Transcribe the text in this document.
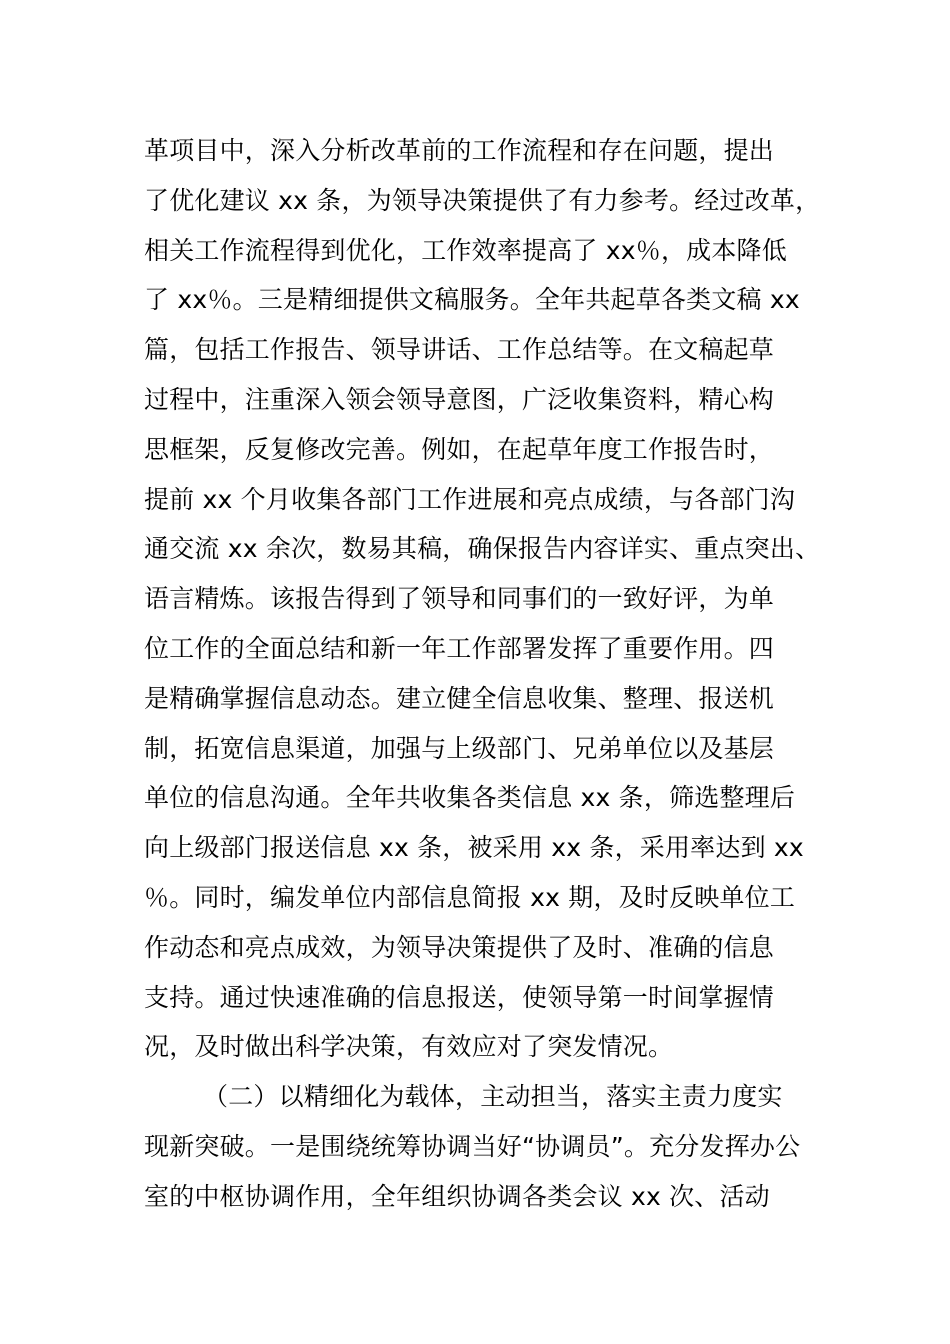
革项目中，深入分析改革前的工作流程和存在问题，提出
了优化建议 xx 条，为领导决策提供了有力参考。经过改革，
相关工作流程得到优化，工作效率提高了 xx％，成本降低
了 xx％。三是精细提供文稿服务。全年共起草各类文稿 xx
篇，包括工作报告、领导讲话、工作总结等。在文稿起草
过程中，注重深入领会领导意图，广泛收集资料，精心构
思框架，反复修改完善。例如，在起草年度工作报告时，
提前 xx 个月收集各部门工作进展和亮点成绩，与各部门沟
通交流 xx 余次，数易其稿，确保报告内容详实、重点突出、
语言精炼。该报告得到了领导和同事们的一致好评，为单
位工作的全面总结和新一年工作部署发挥了重要作用。四
是精确掌握信息动态。建立健全信息收集、整理、报送机
制，拓宽信息渠道，加强与上级部门、兄弟单位以及基层
单位的信息沟通。全年共收集各类信息 xx 条，筛选整理后
向上级部门报送信息 xx 条，被采用 xx 条，采用率达到 xx
％。同时，编发单位内部信息简报 xx 期，及时反映单位工
作动态和亮点成效，为领导决策提供了及时、准确的信息
支持。通过快速准确的信息报送，使领导第一时间掌握情
况，及时做出科学决策，有效应对了突发情况。
（二）以精细化为载体，主动担当，落实主责力度实
现新突破。一是围绕统筹协调当好“协调员”。充分发挥办公
室的中枢协调作用，全年组织协调各类会议 xx 次、活动
